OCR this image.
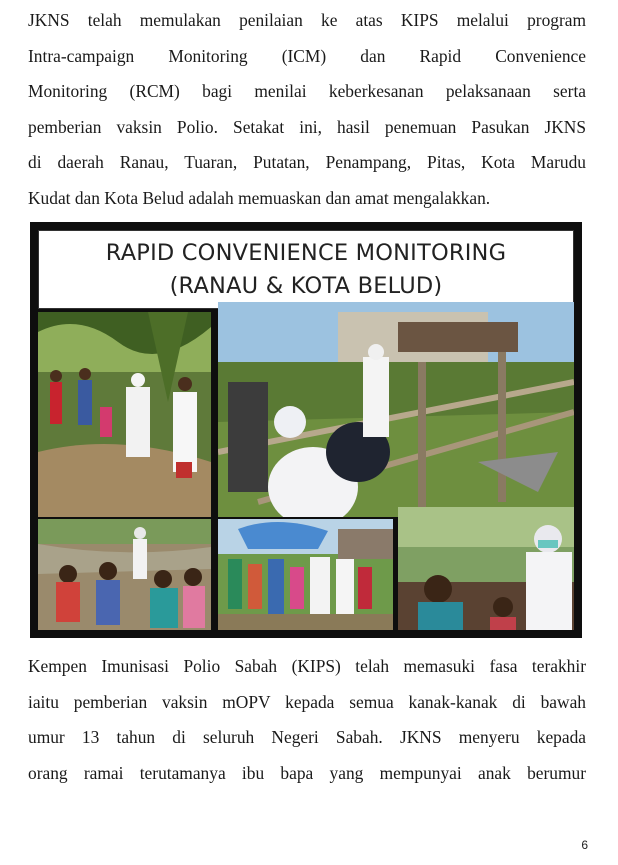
JKNS telah memulakan penilaian ke atas KIPS melalui program
Intra-campaign Monitoring (ICM) dan Rapid Convenience
Monitoring (RCM) bagi menilai keberkesanan pelaksanaan serta
pemberian vaksin Polio. Setakat ini, hasil penemuan Pasukan JKNS
di daerah Ranau, Tuaran, Putatan, Penampang, Pitas, Kota Marudu
Kudat dan Kota Belud adalah memuaskan dan amat mengalakkan.
RAPID CONVENIENCE MONITORING
(RANAU & KOTA BELUD)
Kempen Imunisasi Polio Sabah (KIPS) telah memasuki fasa terakhir
iaitu pemberian vaksin mOPV kepada semua kanak-kanak di bawah
umur 13 tahun di seluruh Negeri Sabah. JKNS menyeru kepada
orang ramai terutamanya ibu bapa yang mempunyai anak berumur
6
